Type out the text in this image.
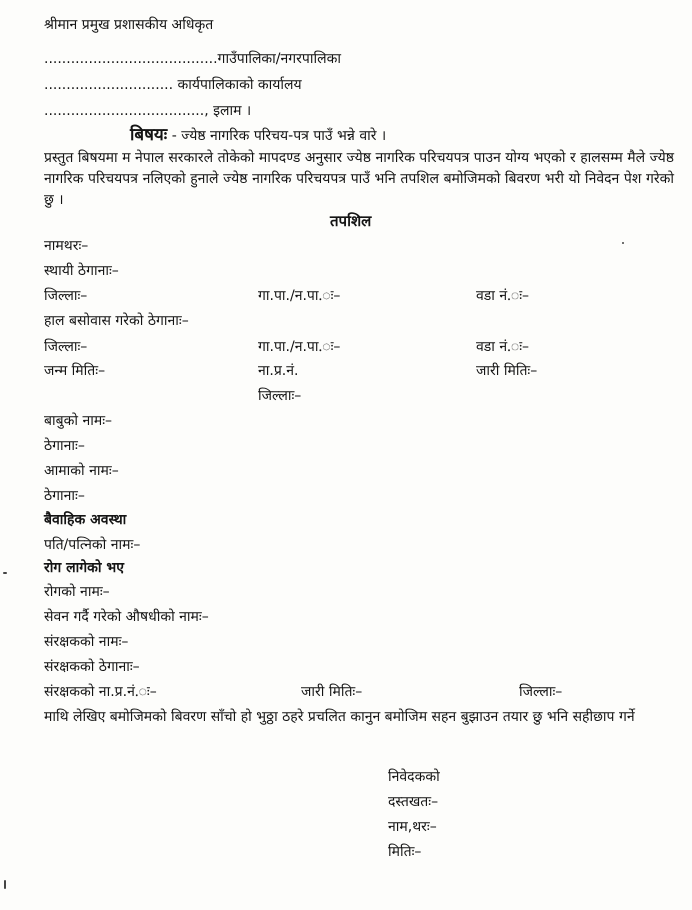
श्रीमान प्रमुख प्रशासकीय अधिकृत
.......................................गाउँपालिका/नगरपालिका
............................. कार्यपालिकाको कार्यालय
...................................., इलाम ।
बिषयः - ज्येष्ठ नागरिक परिचय-पत्र पाउँ भन्ने वारे ।
प्रस्तुत बिषयमा म नेपाल सरकारले तोकेको मापदण्ड अनुसार ज्येष्ठ नागरिक परिचयपत्र पाउन योग्य भएको र हालसम्म मैले ज्येष्ठ नागरिक परिचयपत्र नलिएको हुनाले ज्येष्ठ नागरिक परिचयपत्र पाउँ भनि तपशिल बमोजिमको बिवरण भरी यो निवेदन पेश गरेको छु ।
तपशिल
नामथरः–
स्थायी ठेगानाः–
जिल्लाः–	गा.पा./न.पा.ः–	वडा नं.ः–
हाल बसोवास गरेको ठेगानाः–
जिल्लाः–	गा.पा./न.पा.ः–	वडा नं.ः–
जन्म मितिः–	ना.प्र.नं.	जारी मितिः–
जिल्लाः–
बाबुको नामः–
ठेगानाः–
आमाको नामः–
ठेगानाः–
बैवाहिक अवस्था
पति/पत्निको नामः–
रोग लागेको भए
रोगको नामः–
सेवन गर्दै गरेको औषधीको नामः–
संरक्षकको नामः–
संरक्षकको ठेगानाः–
संरक्षकको ना.प्र.नं.ः–	जारी मितिः–	जिल्लाः–
माथि लेखिए बमोजिमको बिवरण साँचो हो भुठ्ठा ठहरे प्रचलित कानुन बमोजिम सहन बुझाउन तयार छु भनि सहीछाप गर्ने
निवेदकको
दस्तखतः–
नाम,थरः–
मितिः–
